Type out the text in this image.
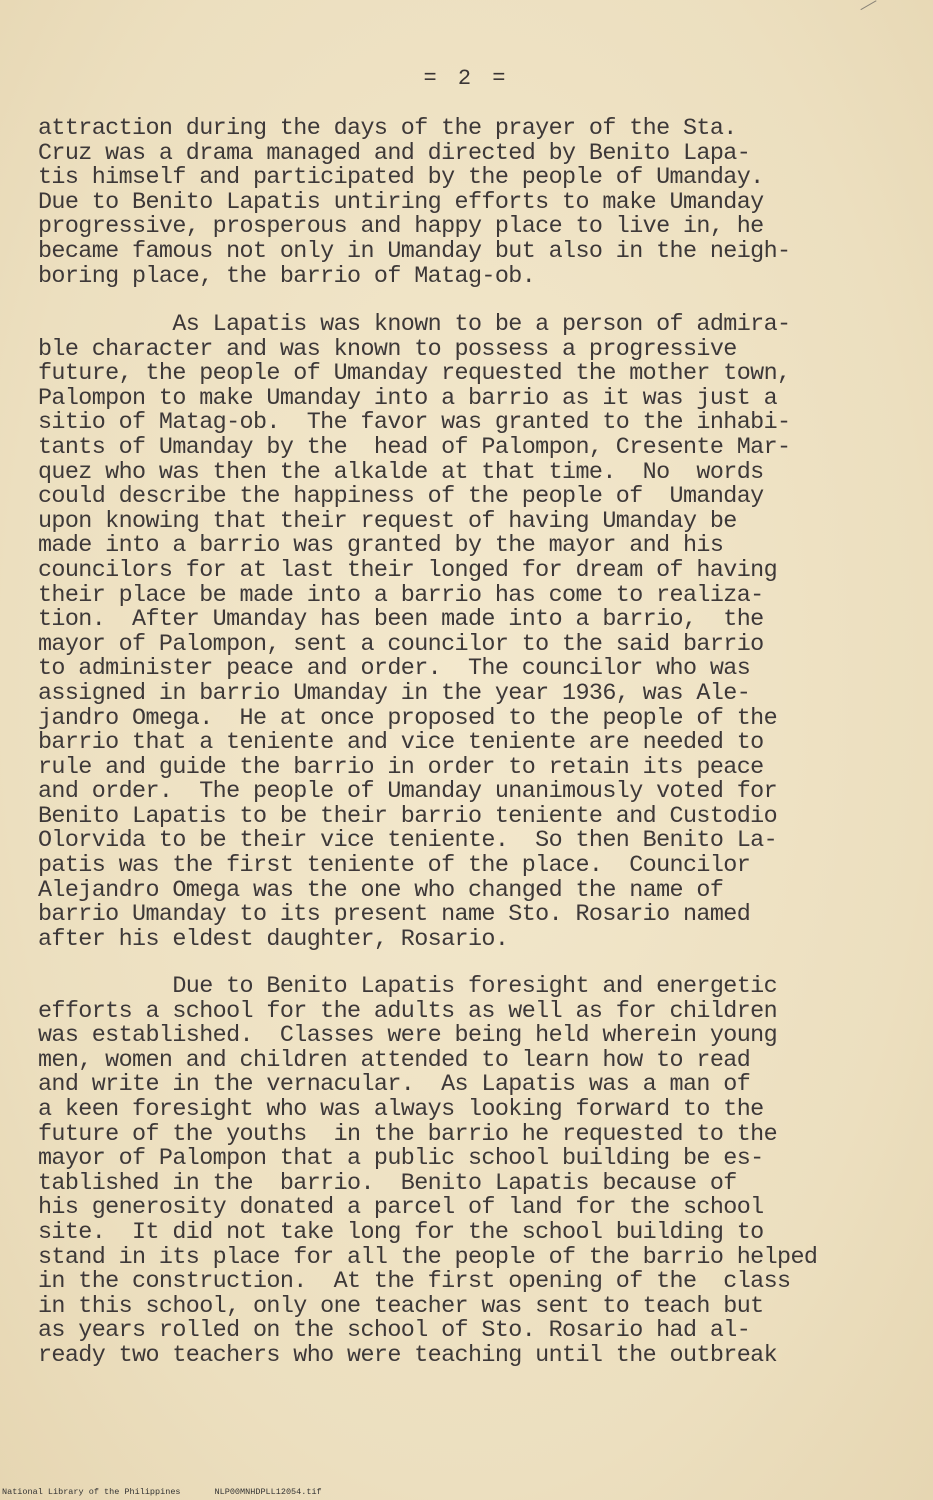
= 2 =

attraction during the days of the prayer of the Sta.
Cruz was a drama managed and directed by Benito Lapa-
tis himself and participated by the people of Umanday.
Due to Benito Lapatis untiring efforts to make Umanday
progressive, prosperous and happy place to live in, he
became famous not only in Umanday but also in the neigh-
boring place, the barrio of Matag-ob.

As Lapatis was known to be a person of admira-
ble character and was known to possess a progressive
future, the people of Umanday requested the mother town,
Palompon to make Umanday into a barrio as it was just a
sitio of Matag-ob.  The favor was granted to the inhabi-
tants of Umanday by the  head of Palompon, Cresente Mar-
quez who was then the alkalde at that time.  No  words
could describe the happiness of the people of  Umanday
upon knowing that their request of having Umanday be
made into a barrio was granted by the mayor and his
councilors for at last their longed for dream of having
their place be made into a barrio has come to realiza-
tion.  After Umanday has been made into a barrio,  the
mayor of Palompon, sent a councilor to the said barrio
to administer peace and order.  The councilor who was
assigned in barrio Umanday in the year 1936, was Ale-
jandro Omega.  He at once proposed to the people of the
barrio that a teniente and vice teniente are needed to
rule and guide the barrio in order to retain its peace
and order.  The people of Umanday unanimously voted for
Benito Lapatis to be their barrio teniente and Custodio
Olorvida to be their vice teniente.  So then Benito La-
patis was the first teniente of the place.  Councilor
Alejandro Omega was the one who changed the name of
barrio Umanday to its present name Sto. Rosario named
after his eldest daughter, Rosario.

Due to Benito Lapatis foresight and energetic
efforts a school for the adults as well as for children
was established.  Classes were being held wherein young
men, women and children attended to learn how to read
and write in the vernacular.  As Lapatis was a man of
a keen foresight who was always looking forward to the
future of the youths  in the barrio he requested to the
mayor of Palompon that a public school building be es-
tablished in the  barrio.  Benito Lapatis because of
his generosity donated a parcel of land for the school
site.  It did not take long for the school building to
stand in its place for all the people of the barrio helped
in the construction.  At the first opening of the  class
in this school, only one teacher was sent to teach but
as years rolled on the school of Sto. Rosario had al-
ready two teachers who were teaching until the outbreak

National Library of the Philippines	NLP00MNHDPLL12054.tif
